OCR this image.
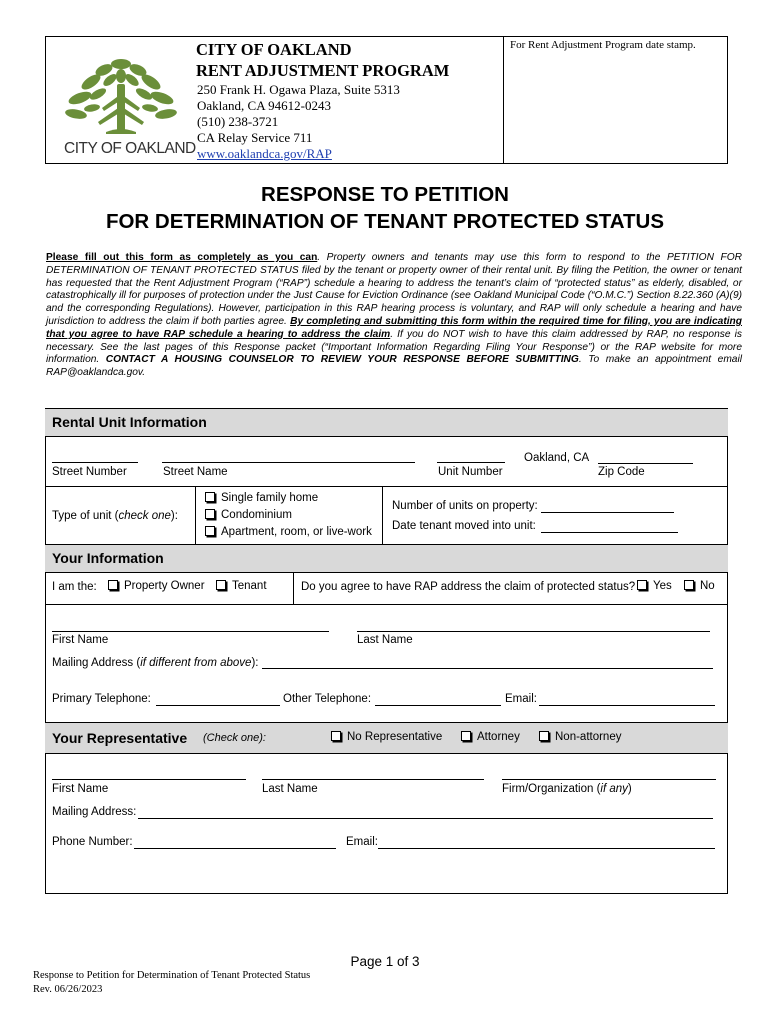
CITY OF OAKLAND
CITY OF OAKLAND
RENT ADJUSTMENT PROGRAM
250 Frank H. Ogawa Plaza, Suite 5313
Oakland, CA 94612-0243
(510) 238-3721
CA Relay Service 711
www.oaklandca.gov/RAP
For Rent Adjustment Program date stamp.
RESPONSE TO PETITION
FOR DETERMINATION OF TENANT PROTECTED STATUS
Please fill out this form as completely as you can. Property owners and tenants may use this form to respond to the PETITION FOR DETERMINATION OF TENANT PROTECTED STATUS filed by the tenant or property owner of their rental unit. By filing the Petition, the owner or tenant has requested that the Rent Adjustment Program (“RAP”) schedule a hearing to address the tenant’s claim of “protected status” as elderly, disabled, or catastrophically ill for purposes of protection under the Just Cause for Eviction Ordinance (see Oakland Municipal Code (“O.M.C.”) Section 8.22.360 (A)(9) and the corresponding Regulations). However, participation in this RAP hearing process is voluntary, and RAP will only schedule a hearing and have jurisdiction to address the claim if both parties agree. By completing and submitting this form within the required time for filing, you are indicating that you agree to have RAP schedule a hearing to address the claim. If you do NOT wish to have this claim addressed by RAP, no response is necessary. See the last pages of this Response packet (“Important Information Regarding Filing Your Response”) or the RAP website for more information. CONTACT A HOUSING COUNSELOR TO REVIEW YOUR RESPONSE BEFORE SUBMITTING. To make an appointment email RAP@oaklandca.gov.
Rental Unit Information
Oakland, CA
Street Number	Street Name	Unit Number	Zip Code
Type of unit (check one):
Single family home
Condominium
Apartment, room, or live-work
Number of units on property:
Date tenant moved into unit:
Your Information
I am the:	Property Owner	Tenant	Do you agree to have RAP address the claim of protected status?	Yes	No
First Name	Last Name
Mailing Address (if different from above):
Primary Telephone:	Other Telephone:	Email:
Your Representative (Check one):	No Representative	Attorney	Non-attorney
First Name	Last Name	Firm/Organization (if any)
Mailing Address:
Phone Number:	Email:
Page 1 of 3
Response to Petition for Determination of Tenant Protected Status
Rev. 06/26/2023
